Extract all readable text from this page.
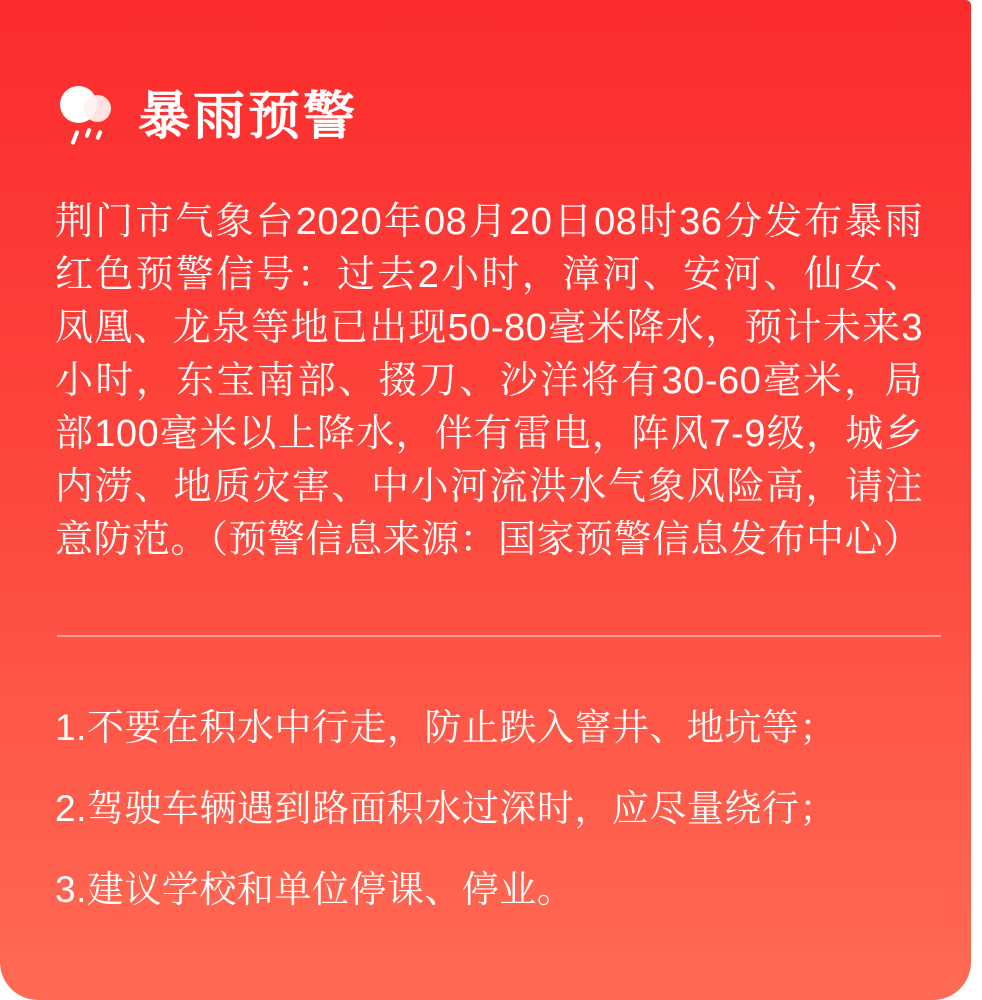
暴雨预警

荆门市气象台2020年08月20日08时36分发布暴雨红色预警信号：过去2小时，漳河、安河、仙女、凤凰、龙泉等地已出现50-80毫米降水，预计未来3小时，东宝南部、掇刀、沙洋将有30-60毫米，局部100毫米以上降水，伴有雷电，阵风7-9级，城乡内涝、地质灾害、中小河流洪水气象风险高，请注意防范。（预警信息来源：国家预警信息发布中心）

1.不要在积水中行走，防止跌入窨井、地坑等；

2.驾驶车辆遇到路面积水过深时，应尽量绕行；

3.建议学校和单位停课、停业。
